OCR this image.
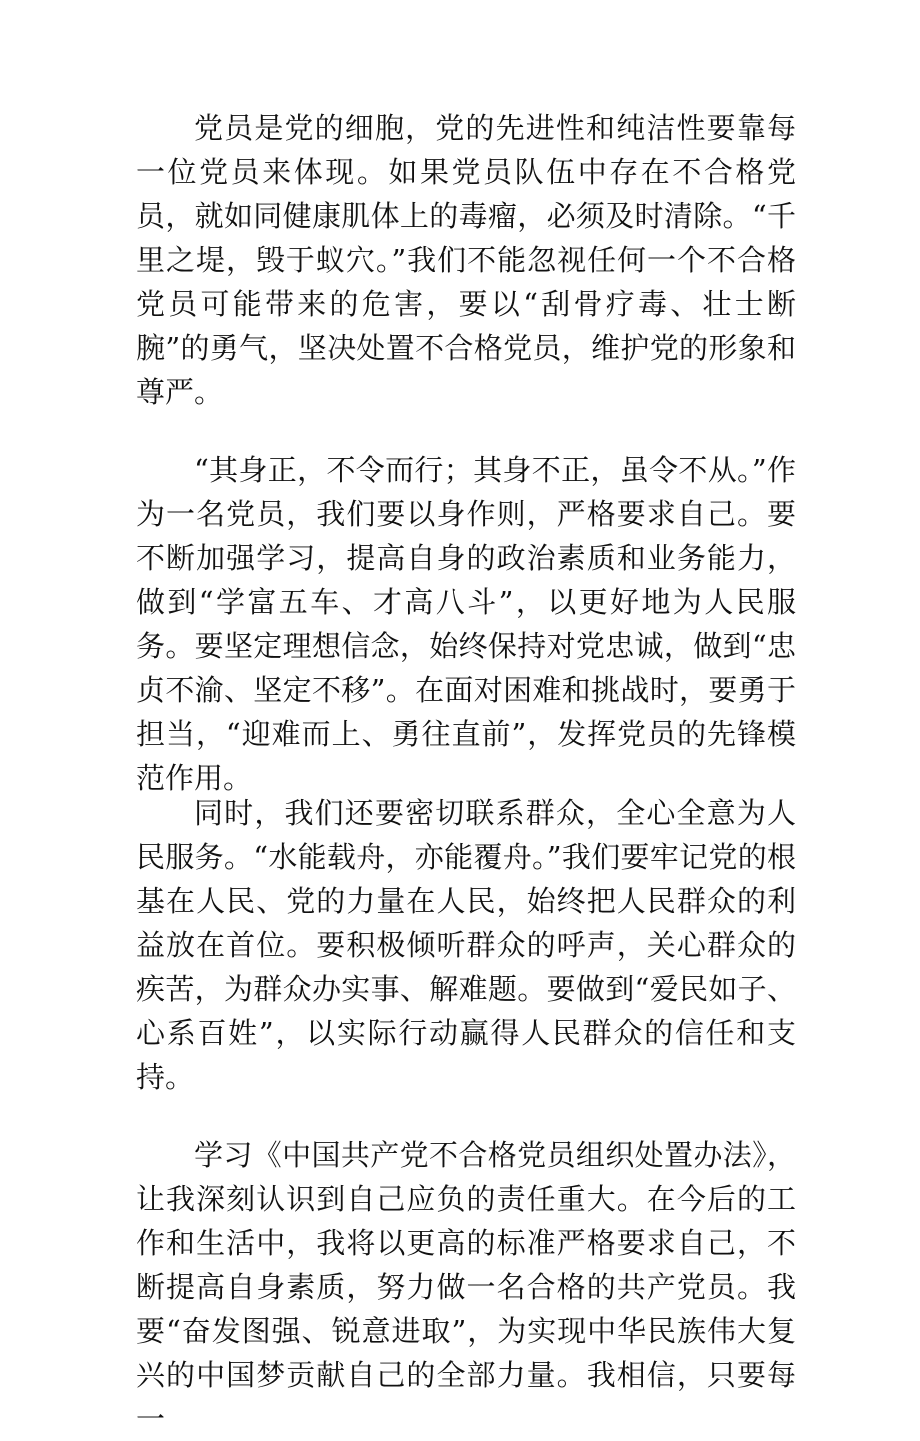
党员是党的细胞，党的先进性和纯洁性要靠每一位党员来体现。如果党员队伍中存在不合格党员，就如同健康肌体上的毒瘤，必须及时清除。“千里之堤，毁于蚁穴。”我们不能忽视任何一个不合格党员可能带来的危害，要以“刮骨疗毒、壮士断腕”的勇气，坚决处置不合格党员，维护党的形象和尊严。

“其身正，不令而行；其身不正，虽令不从。”作为一名党员，我们要以身作则，严格要求自己。要不断加强学习，提高自身的政治素质和业务能力，做到“学富五车、才高八斗”，以更好地为人民服务。要坚定理想信念，始终保持对党忠诚，做到“忠贞不渝、坚定不移”。在面对困难和挑战时，要勇于担当，“迎难而上、勇往直前”，发挥党员的先锋模范作用。

同时，我们还要密切联系群众，全心全意为人民服务。“水能载舟，亦能覆舟。”我们要牢记党的根基在人民、党的力量在人民，始终把人民群众的利益放在首位。要积极倾听群众的呼声，关心群众的疾苦，为群众办实事、解难题。要做到“爱民如子、心系百姓”，以实际行动赢得人民群众的信任和支持。

学习《中国共产党不合格党员组织处置办法》，让我深刻认识到自己应负的责任重大。在今后的工作和生活中，我将以更高的标准严格要求自己，不断提高自身素质，努力做一名合格的共产党员。我要“奋发图强、锐意进取”，为实现中华民族伟大复兴的中国梦贡献自己的全部力量。我相信，只要每一
